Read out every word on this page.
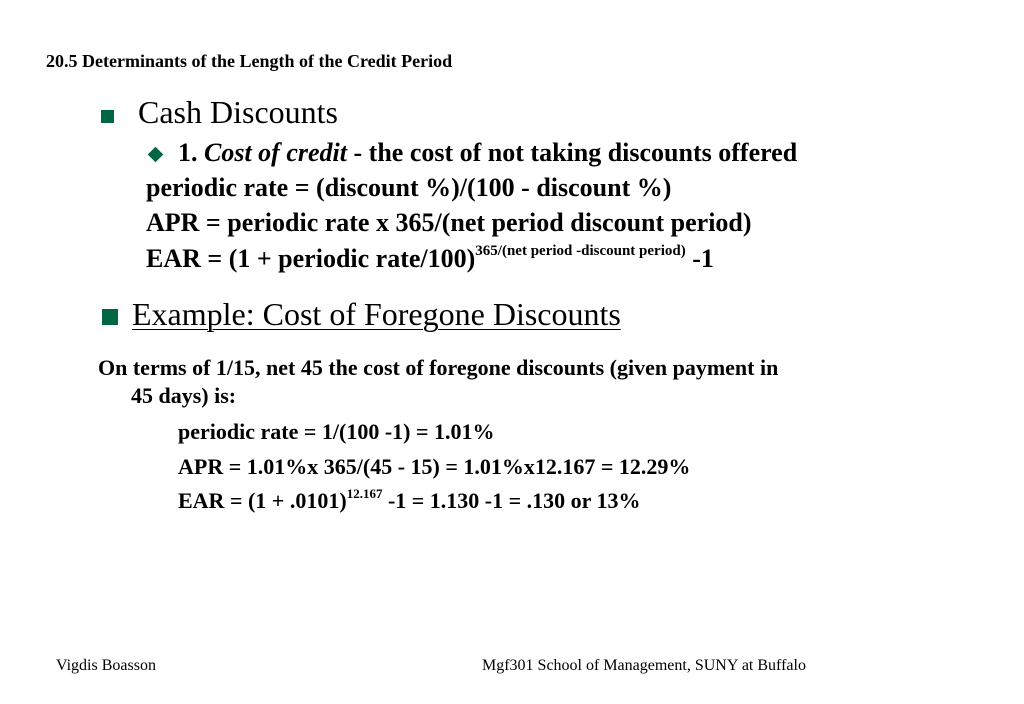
20.5 Determinants of the Length of the Credit Period
Cash Discounts
1. Cost of credit - the cost of not taking discounts offered
periodic rate = (discount %)/(100 - discount %)
APR = periodic rate x 365/(net period discount period)
EAR = (1 + periodic rate/100)$^{365/(net period -discount period)}$ -1
Example: Cost of Foregone Discounts
On terms of 1/15, net 45 the cost of foregone discounts (given payment in
45 days) is:
periodic rate = 1/(100 -1) = 1.01%
APR = 1.01%x 365/(45 - 15) = 1.01%x12.167 = 12.29%
EAR = $(1 + .0101)^{12.167}$ -1 = 1.130 -1 = .130 or 13%
Vigdis Boasson	Mgf301 School of Management, SUNY at Buffalo
